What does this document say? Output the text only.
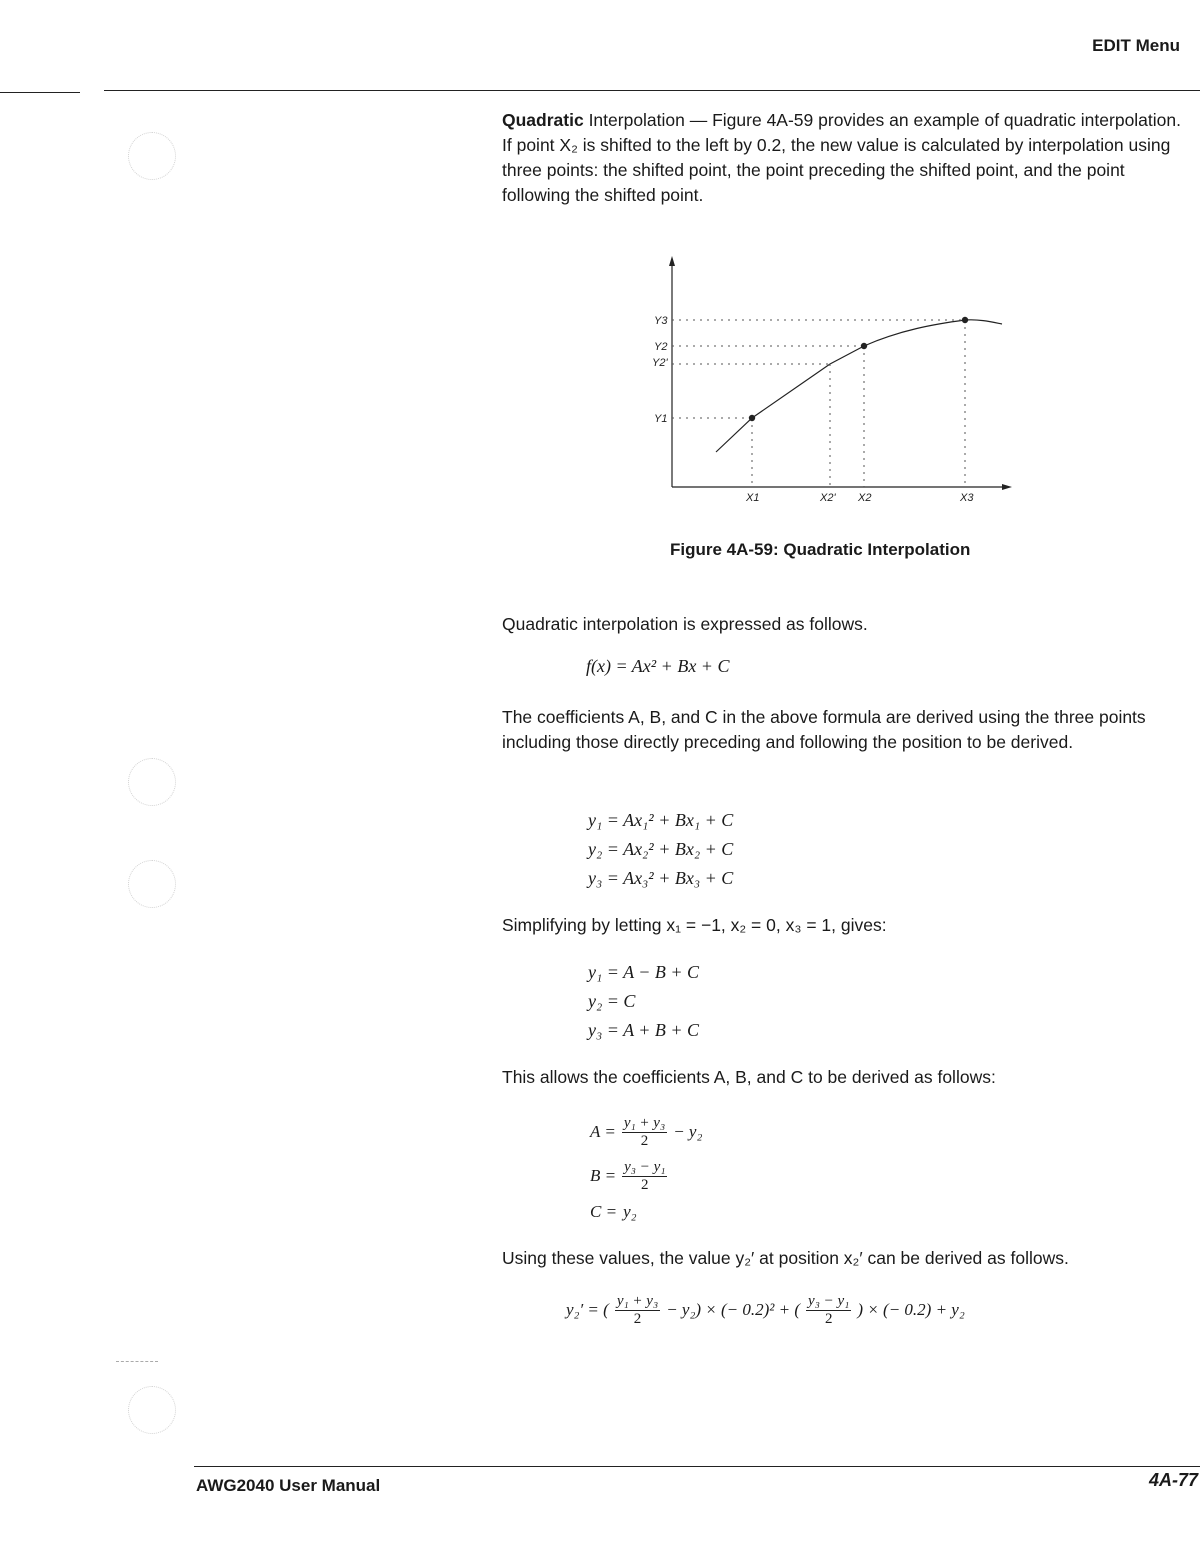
EDIT Menu
Quadratic Interpolation — Figure 4A-59 provides an example of quadratic interpolation. If point X₂ is shifted to the left by 0.2, the new value is calculated by interpolation using three points: the shifted point, the point preceding the shifted point, and the point following the shifted point.
Y3
Y2
Y2'
Y1
X1	X2' X2	X3
Figure 4A-59: Quadratic Interpolation
Quadratic interpolation is expressed as follows.
f(x) = Ax² + Bx + C
The coefficients A, B, and C in the above formula are derived using the three points including those directly preceding and following the position to be derived.
y₁ = Ax₁² + Bx₁ + C
y₂ = Ax₂² + Bx₂ + C
y₃ = Ax₃² + Bx₃ + C
Simplifying by letting x₁ = −1, x₂ = 0, x₃ = 1, gives:
y₁ = A − B + C
y₂ = C
y₃ = A + B + C
This allows the coefficients A, B, and C to be derived as follows:
$A = \frac{\text{y₁ + y₃}}{2} - y_2$
$B = \frac{\text{y₃ − y₁}}{2}$
C = y₂
Using these values, the value y₂′ at position x₂′ can be derived as follows.
y₂′ = ( $\frac{\text{y₁ + y₃}}{2} - y_2$) × (− 0.2)² + ( $\frac{\text{y₃ − y₁}}{2}$ ) × (− 0.2) + y₂
AWG2040 User Manual	4A-77
